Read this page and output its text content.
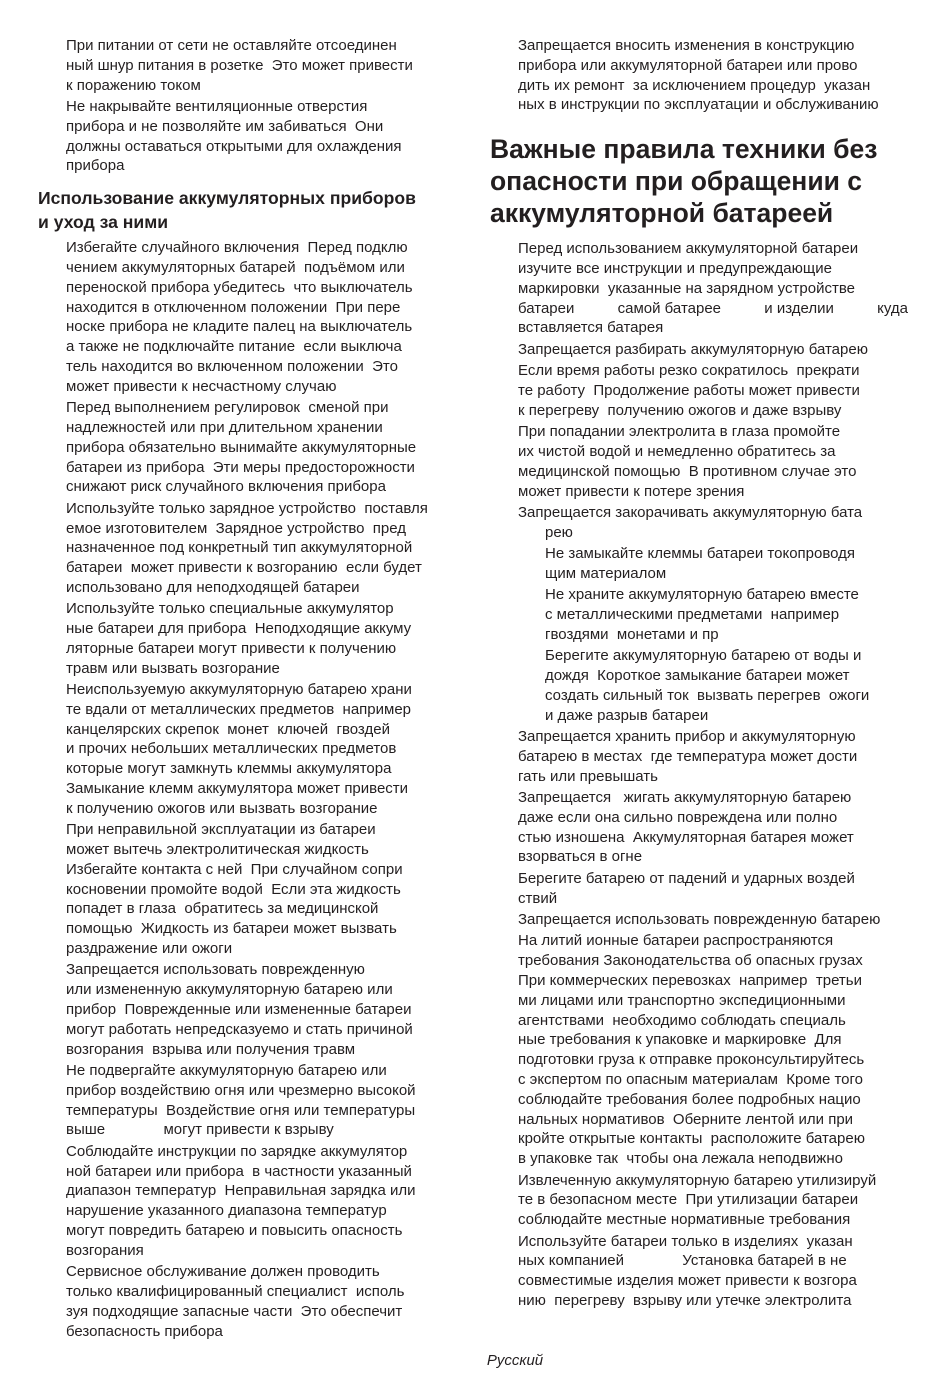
При питании от сети не оставляйте отсоединен
ный шнур питания в розетке  Это может привести
к поражению током
Не накрывайте вентиляционные отверстия
прибора и не позволяйте им забиваться  Они
должны оставаться открытыми для охлаждения
прибора
Использование аккумуляторных приборов
и уход за ними
Избегайте случайного включения  Перед подклю
чением аккумуляторных батарей  подъёмом или
переноской прибора убедитесь  что выключатель
находится в отключенном положении  При пере
носке прибора не кладите палец на выключатель
а также не подключайте питание  если выключа
тель находится во включенном положении  Это
может привести к несчастному случаю
Перед выполнением регулировок  сменой при
надлежностей или при длительном хранении
прибора обязательно вынимайте аккумуляторные
батареи из прибора  Эти меры предосторожности
снижают риск случайного включения прибора
Используйте только зарядное устройство  поставля
емое изготовителем  Зарядное устройство  пред
назначенное под конкретный тип аккумуляторной
батареи  может привести к возгоранию  если будет
использовано для неподходящей батареи
Используйте только специальные аккумулятор
ные батареи для прибора  Неподходящие аккуму
ляторные батареи могут привести к получению
травм или вызвать возгорание
Неиспользуемую аккумуляторную батарею храни
те вдали от металлических предметов  например
канцелярских скрепок  монет  ключей  гвоздей
и прочих небольших металлических предметов
которые могут замкнуть клеммы аккумулятора
Замыкание клемм аккумулятора может привести
к получению ожогов или вызвать возгорание
При неправильной эксплуатации из батареи
может вытечь электролитическая жидкость
Избегайте контакта с ней  При случайном сопри
косновении промойте водой  Если эта жидкость
попадет в глаза  обратитесь за медицинской
помощью  Жидкость из батареи может вызвать
раздражение или ожоги
Запрещается использовать поврежденную
или измененную аккумуляторную батарею или
прибор  Поврежденные или измененные батареи
могут работать непредсказуемо и стать причиной
возгорания  взрыва или получения травм
Не подвергайте аккумуляторную батарею или
прибор воздействию огня или чрезмерно высокой
температуры  Воздействие огня или температуры
выше              могут привести к взрыву
Соблюдайте инструкции по зарядке аккумулятор
ной батареи или прибора  в частности указанный
диапазон температур  Неправильная зарядка или
нарушение указанного диапазона температур
могут повредить батарею и повысить опасность
возгорания
Сервисное обслуживание должен проводить
только квалифицированный специалист  исполь
зуя подходящие запасные части  Это обеспечит
безопасность прибора
Запрещается вносить изменения в конструкцию
прибора или аккумуляторной батареи или прово
дить их ремонт  за исключением процедур  указан
ных в инструкции по эксплуатации и обслуживанию
Важные правила техники без
опасности при обращении с
аккумуляторной батареей
Перед использованием аккумуляторной батареи
изучите все инструкции и предупреждающие
маркировки  указанные на зарядном устройстве
батареи	самой батарее	и изделии	куда
вставляется батарея
Запрещается разбирать аккумуляторную батарею
Если время работы резко сократилось  прекрати
те работу  Продолжение работы может привести
к перегреву  получению ожогов и даже взрыву
При попадании электролита в глаза промойте
их чистой водой и немедленно обратитесь за
медицинской помощью  В противном случае это
может привести к потере зрения
Запрещается закорачивать аккумуляторную бата
рею
Не замыкайте клеммы батареи токопроводя
щим материалом
Не храните аккумуляторную батарею вместе
с металлическими предметами  например
гвоздями  монетами и пр
Берегите аккумуляторную батарею от воды и
дождя  Короткое замыкание батареи может
создать сильный ток  вызвать перегрев  ожоги
и даже разрыв батареи
Запрещается хранить прибор и аккумуляторную
батарею в местах  где температура может дости
гать или превышать
Запрещается   жигать аккумуляторную батарею
даже если она сильно повреждена или полно
стью изношена  Аккумуляторная батарея может
взорваться в огне
Берегите батарею от падений и ударных воздей
ствий
Запрещается использовать поврежденную батарею
На литий ионные батареи распространяются
требования Законодательства об опасных грузах
При коммерческих перевозках  например  третьи
ми лицами или транспортно экспедиционными
агентствами  необходимо соблюдать специаль
ные требования к упаковке и маркировке  Для
подготовки груза к отправке проконсультируйтесь
с экспертом по опасным материалам  Кроме того
соблюдайте требования более подробных нацио
нальных нормативов  Оберните лентой или при
кройте открытые контакты  расположите батарею
в упаковке так  чтобы она лежала неподвижно
Извлеченную аккумуляторную батарею утилизируй
те в безопасном месте  При утилизации батареи
соблюдайте местные нормативные требования
Используйте батареи только в изделиях  указан
ных компанией              Установка батарей в не
совместимые изделия может привести к возгора
нию  перегреву  взрыву или утечке электролита
Русский
